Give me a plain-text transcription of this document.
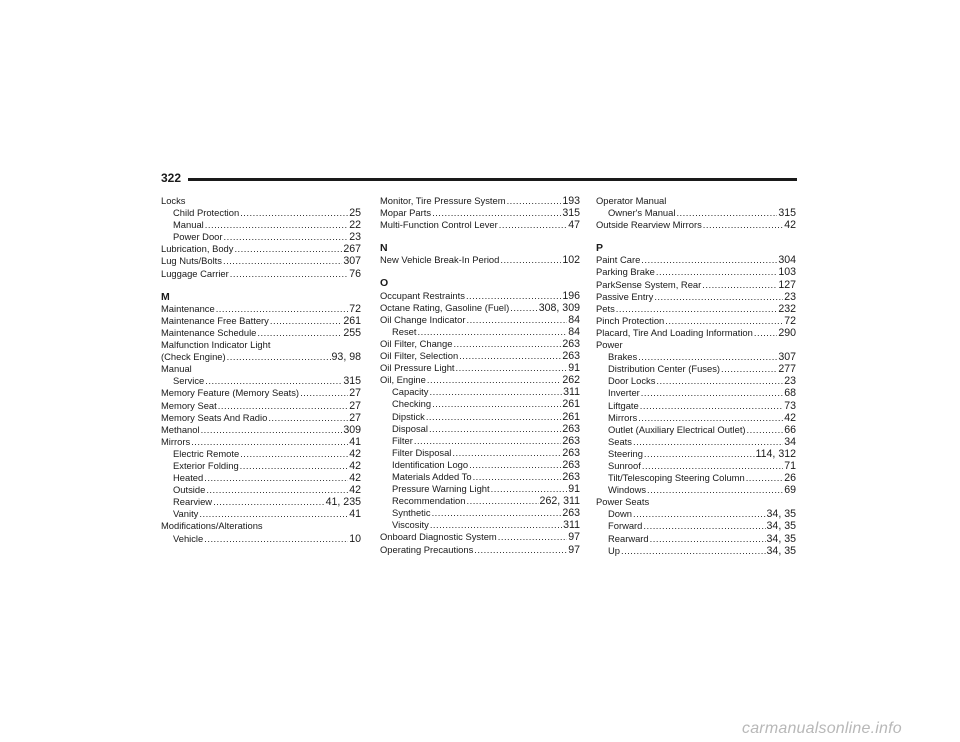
322
Locks
Child Protection .....	25
Manual .....	22
Power Door .....	23
Lubrication, Body .....	267
Lug Nuts/Bolts .....	307
Luggage Carrier .....	76
M
Maintenance .....	72
Maintenance Free Battery .....	261
Maintenance Schedule .....	255
Malfunction Indicator Light
(Check Engine) .....	93, 98
Manual
Service .....	315
Memory Feature (Memory Seats) .....	27
Memory Seat .....	27
Memory Seats And Radio .....	27
Methanol .....	309
Mirrors .....	41
Electric Remote .....	42
Exterior Folding .....	42
Heated .....	42
Outside .....	42
Rearview .....	41, 235
Vanity .....	41
Modifications/Alterations
Vehicle .....	10
Monitor, Tire Pressure System .....	193
Mopar Parts .....	315
Multi-Function Control Lever .....	47
N
New Vehicle Break-In Period .....	102
O
Occupant Restraints .....	196
Octane Rating, Gasoline (Fuel) .....	308, 309
Oil Change Indicator .....	84
Reset .....	84
Oil Filter, Change .....	263
Oil Filter, Selection .....	263
Oil Pressure Light .....	91
Oil, Engine .....	262
Capacity .....	311
Checking .....	261
Dipstick .....	261
Disposal .....	263
Filter .....	263
Filter Disposal .....	263
Identification Logo .....	263
Materials Added To .....	263
Pressure Warning Light .....	91
Recommendation .....	262, 311
Synthetic .....	263
Viscosity .....	311
Onboard Diagnostic System .....	97
Operating Precautions .....	97
Operator Manual
Owner's Manual .....	315
Outside Rearview Mirrors .....	42
P
Paint Care .....	304
Parking Brake .....	103
ParkSense System, Rear .....	127
Passive Entry .....	23
Pets .....	232
Pinch Protection .....	72
Placard, Tire And Loading Information ..... 290
Power
Brakes .....	307
Distribution Center (Fuses) .....	277
Door Locks .....	23
Inverter .....	68
Liftgate .....	73
Mirrors .....	42
Outlet (Auxiliary Electrical Outlet) .....	66
Seats .....	34
Steering .....	114, 312
Sunroof .....	71
Tilt/Telescoping Steering Column .....	26
Windows .....	69
Power Seats
Down .....	34, 35
Forward .....	34, 35
Rearward .....	34, 35
Up .....	34, 35
carmanualsonline.info
